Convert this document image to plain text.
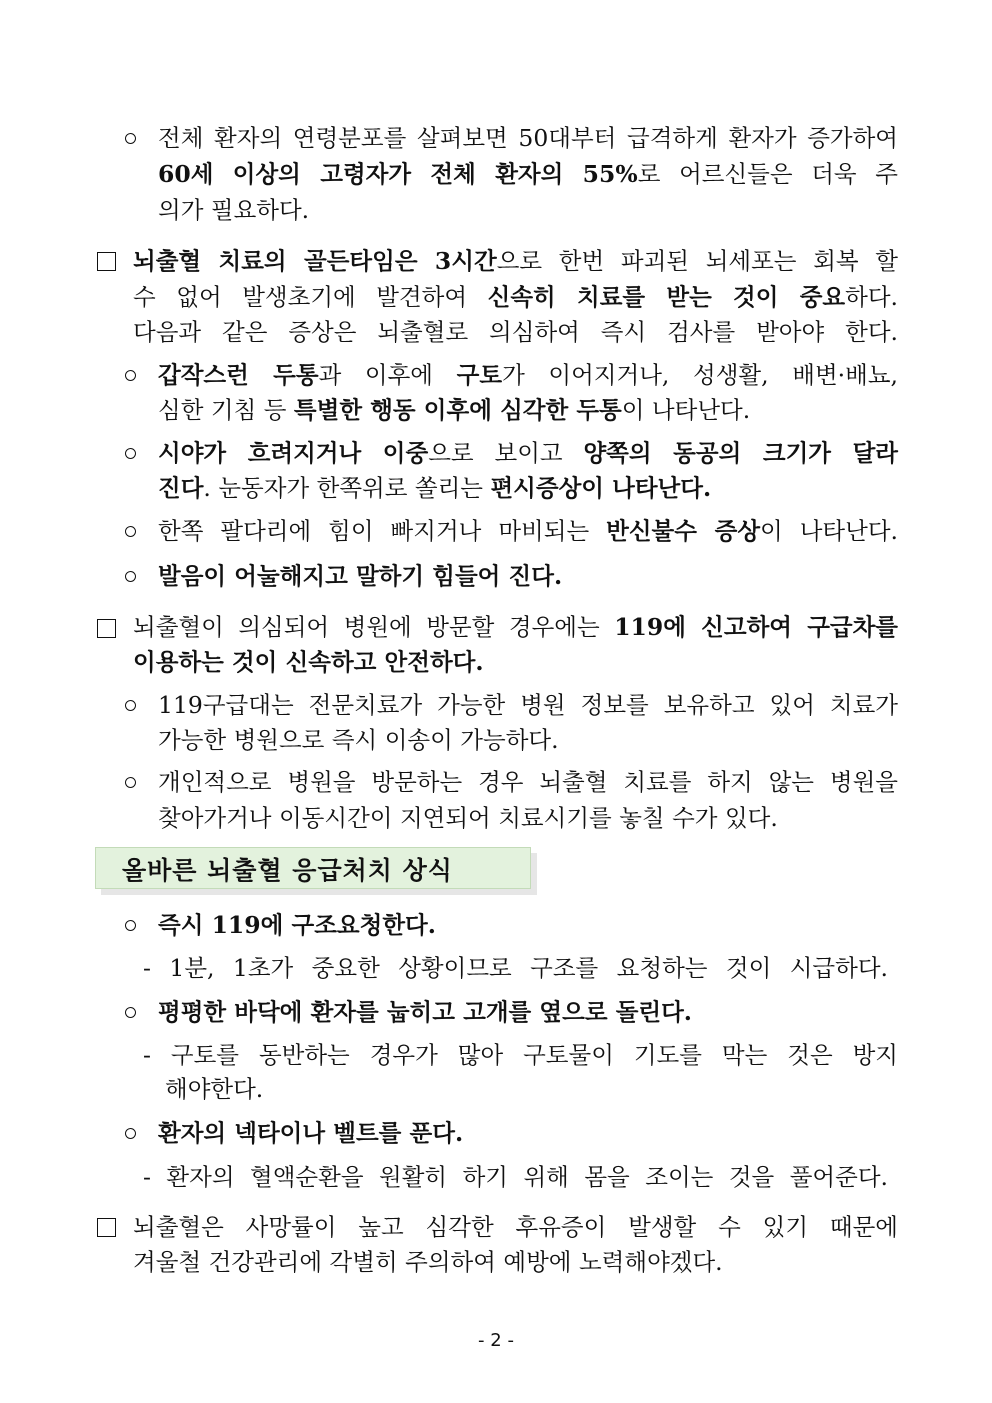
전체 환자의 연령분포를 살펴보면 50대부터 급격하게 환자가 증가하여
60세 이상의 고령자가 전체 환자의 55%로 어르신들은 더욱 주
의가 필요하다.
뇌출혈 치료의 골든타임은 3시간으로 한번 파괴된 뇌세포는 회복 할
수 없어 발생초기에 발견하여 신속히 치료를 받는 것이 중요하다.
다음과 같은 증상은 뇌출혈로 의심하여 즉시 검사를 받아야 한다.
갑작스런 두통과 이후에 구토가 이어지거나, 성생활, 배변·배뇨,
심한 기침 등 특별한 행동 이후에 심각한 두통이 나타난다.
시야가 흐려지거나 이중으로 보이고 양쪽의 동공의 크기가 달라
진다. 눈동자가 한쪽위로 쏠리는 편시증상이 나타난다.
한쪽 팔다리에 힘이 빠지거나 마비되는 반신불수 증상이 나타난다.
발음이 어눌해지고 말하기 힘들어 진다.
뇌출혈이 의심되어 병원에 방문할 경우에는 119에 신고하여 구급차를
이용하는 것이 신속하고 안전하다.
119구급대는 전문치료가 가능한 병원 정보를 보유하고 있어 치료가
가능한 병원으로 즉시 이송이 가능하다.
개인적으로 병원을 방문하는 경우 뇌출혈 치료를 하지 않는 병원을
찾아가거나 이동시간이 지연되어 치료시기를 놓칠 수가 있다.
올바른 뇌출혈 응급처치 상식
즉시 119에 구조요청한다.
- 1분, 1초가 중요한 상황이므로 구조를 요청하는 것이 시급하다.
평평한 바닥에 환자를 눕히고 고개를 옆으로 돌린다.
- 구토를 동반하는 경우가 많아 구토물이 기도를 막는 것은 방지
해야한다.
환자의 넥타이나 벨트를 푼다.
- 환자의 혈액순환을 원활히 하기 위해 몸을 조이는 것을 풀어준다.
뇌출혈은 사망률이 높고 심각한 후유증이 발생할 수 있기 때문에
겨울철 건강관리에 각별히 주의하여 예방에 노력해야겠다.
- 2 -
